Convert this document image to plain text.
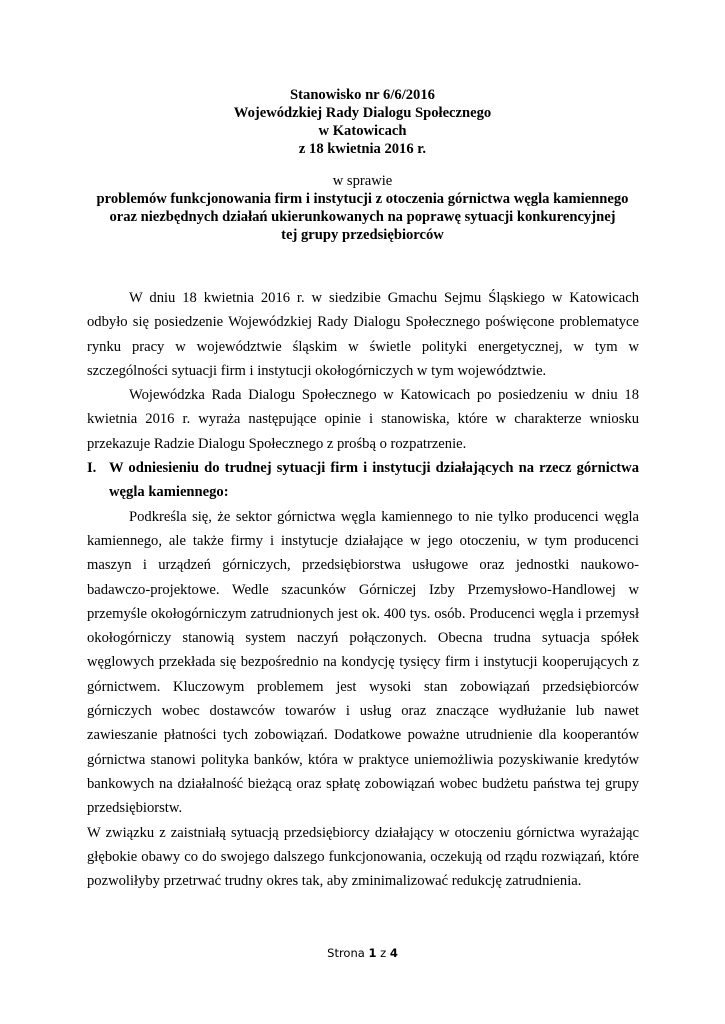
Stanowisko nr 6/6/2016
Wojewódzkiej Rady Dialogu Społecznego
w Katowicach
z 18 kwietnia 2016 r.
w sprawie
problemów funkcjonowania firm i instytucji z otoczenia górnictwa węgla kamiennego
oraz niezbędnych działań ukierunkowanych na poprawę sytuacji konkurencyjnej
tej grupy przedsiębiorców

W dniu 18 kwietnia 2016 r. w siedzibie Gmachu Sejmu Śląskiego w Katowicach odbyło się posiedzenie Wojewódzkiej Rady Dialogu Społecznego poświęcone problematyce rynku pracy w województwie śląskim w świetle polityki energetycznej, w tym w szczególności sytuacji firm i instytucji okołogórniczych w tym województwie.

Wojewódzka Rada Dialogu Społecznego w Katowicach po posiedzeniu w dniu 18 kwietnia 2016 r. wyraża następujące opinie i stanowiska, które w charakterze wniosku przekazuje Radzie Dialogu Społecznego z prośbą o rozpatrzenie.

I. W odniesieniu do trudnej sytuacji firm i instytucji działających na rzecz górnictwa węgla kamiennego:

Podkreśla się, że sektor górnictwa węgla kamiennego to nie tylko producenci węgla kamiennego, ale także firmy i instytucje działające w jego otoczeniu, w tym producenci maszyn i urządzeń górniczych, przedsiębiorstwa usługowe oraz jednostki naukowo-badawczo-projektowe. Wedle szacunków Górniczej Izby Przemysłowo-Handlowej w przemyśle okołogórniczym zatrudnionych jest ok. 400 tys. osób. Producenci węgla i przemysł okołogórniczy stanowią system naczyń połączonych. Obecna trudna sytuacja spółek węglowych przekłada się bezpośrednio na kondycję tysięcy firm i instytucji kooperujących z górnictwem. Kluczowym problemem jest wysoki stan zobowiązań przedsiębiorców górniczych wobec dostawców towarów i usług oraz znaczące wydłużanie lub nawet zawieszanie płatności tych zobowiązań. Dodatkowe poważne utrudnienie dla kooperantów górnictwa stanowi polityka banków, która w praktyce uniemożliwia pozyskiwanie kredytów bankowych na działalność bieżącą oraz spłatę zobowiązań wobec budżetu państwa tej grupy przedsiębiorstw.

W związku z zaistniałą sytuacją przedsiębiorcy działający w otoczeniu górnictwa wyrażając głębokie obawy co do swojego dalszego funkcjonowania, oczekują od rządu rozwiązań, które pozwoliłyby przetrwać trudny okres tak, aby zminimalizować redukcję zatrudnienia.

Strona 1 z 4
